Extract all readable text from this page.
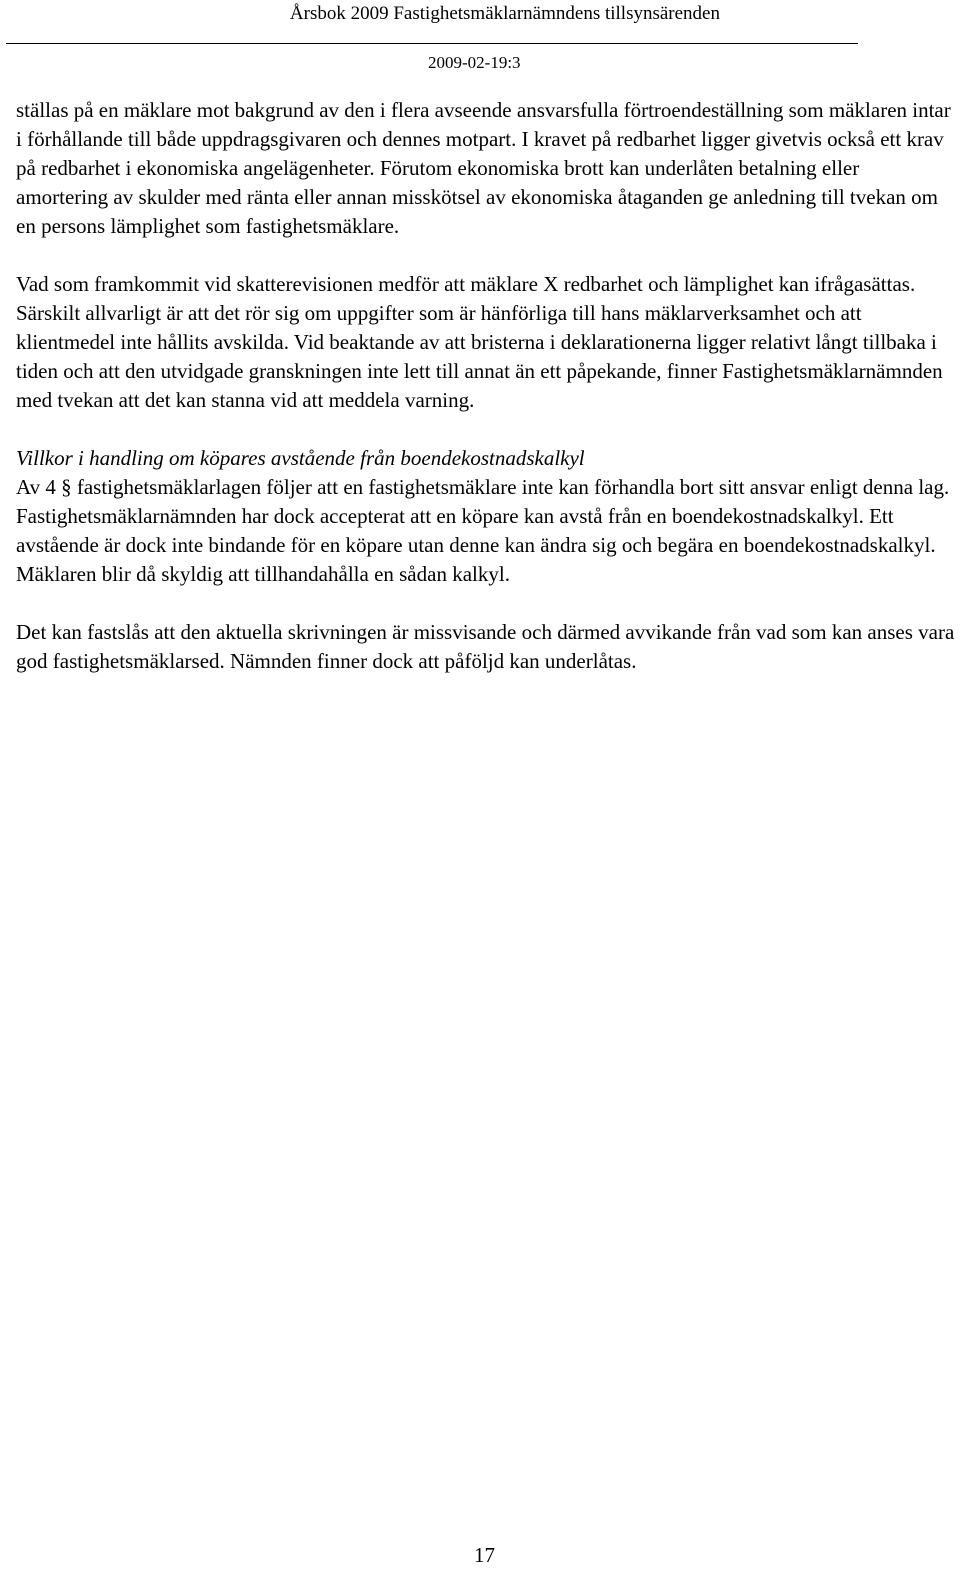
Årsbok 2009 Fastighetsmäklarnämndens tillsynsärenden
2009-02-19:3

ställas på en mäklare mot bakgrund av den i flera avseende ansvarsfulla förtroendeställning som mäklaren intar i förhållande till både uppdragsgivaren och dennes motpart. I kravet på redbarhet ligger givetvis också ett krav på redbarhet i ekonomiska angelägenheter. Förutom ekonomiska brott kan underlåten betalning eller amortering av skulder med ränta eller annan misskötsel av ekonomiska åtaganden ge anledning till tvekan om en persons lämplighet som fastighetsmäklare.

Vad som framkommit vid skatterevisionen medför att mäklare X redbarhet och lämplighet kan ifrågasättas. Särskilt allvarligt är att det rör sig om uppgifter som är hänförliga till hans mäklarverksamhet och att klientmedel inte hållits avskilda. Vid beaktande av att bristerna i deklarationerna ligger relativt långt tillbaka i tiden och att den utvidgade granskningen inte lett till annat än ett påpekande, finner Fastighetsmäklarnämnden med tvekan att det kan stanna vid att meddela varning.

Villkor i handling om köpares avstående från boendekostnadskalkyl

Av 4 § fastighetsmäklarlagen följer att en fastighetsmäklare inte kan förhandla bort sitt ansvar enligt denna lag. Fastighetsmäklarnämnden har dock accepterat att en köpare kan avstå från en boendekostnadskalkyl. Ett avstående är dock inte bindande för en köpare utan denne kan ändra sig och begära en boendekostnadskalkyl. Mäklaren blir då skyldig att tillhandahålla en sådan kalkyl.

Det kan fastslås att den aktuella skrivningen är missvisande och därmed avvikande från vad som kan anses vara god fastighetsmäklarsed. Nämnden finner dock att påföljd kan underlåtas.

17
